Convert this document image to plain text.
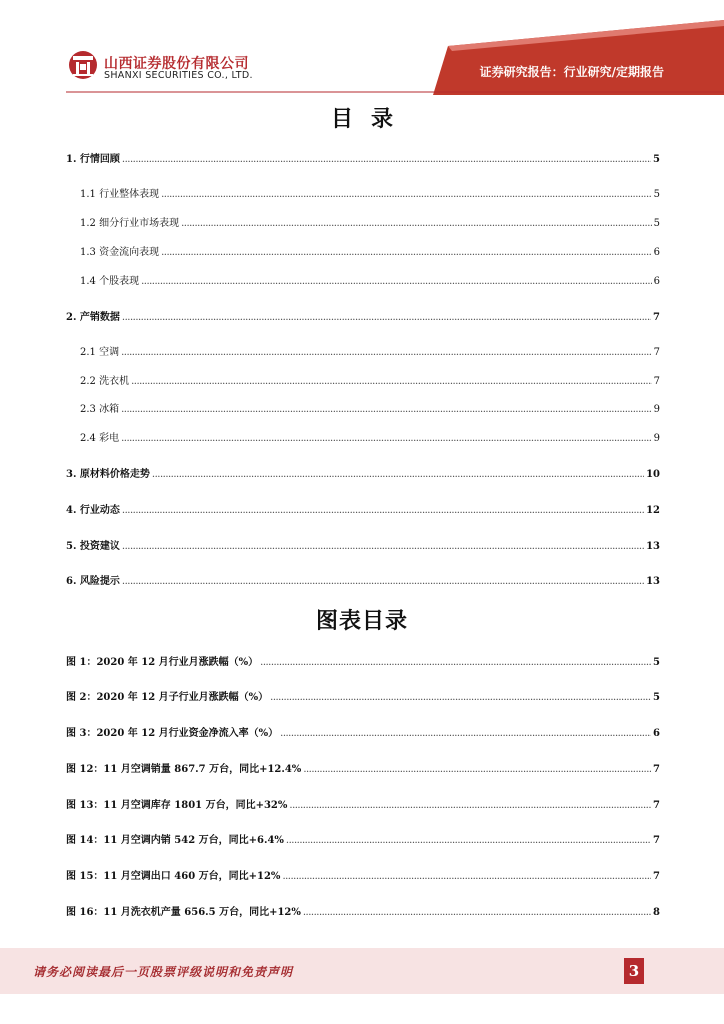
山西证券股份有限公司
SHANXI SECURITIES CO., LTD.	证券研究报告：行业研究/定期报告
目录
1. 行情回顾 .....	5
1.1 行业整体表现 .....	5
1.2 细分行业市场表现 .....	5
1.3 资金流向表现 .....	6
1.4 个股表现 .....	6
2. 产销数据 .....	7
2.1 空调 .....	7
2.2 洗衣机 .....	7
2.3 冰箱 .....	9
2.4 彩电 .....	9
3. 原材料价格走势 .....	10
4. 行业动态 .....	12
5. 投资建议 .....	13
6. 风险提示 .....	13
图表目录
图 1：2020 年 12 月行业月涨跌幅（%） .....	5
图 2：2020 年 12 月子行业月涨跌幅（%） .....	5
图 3：2020 年 12 月行业资金净流入率（%） .....	6
图 12：11 月空调销量 867.7 万台，同比+12.4% .....	7
图 13：11 月空调库存 1801 万台，同比+32% .....	7
图 14：11 月空调内销 542 万台，同比+6.4% .....	7
图 15：11 月空调出口 460 万台，同比+12% .....	7
图 16：11 月洗衣机产量 656.5 万台，同比+12% .....	8
请务必阅读最后一页股票评级说明和免责声明	3
